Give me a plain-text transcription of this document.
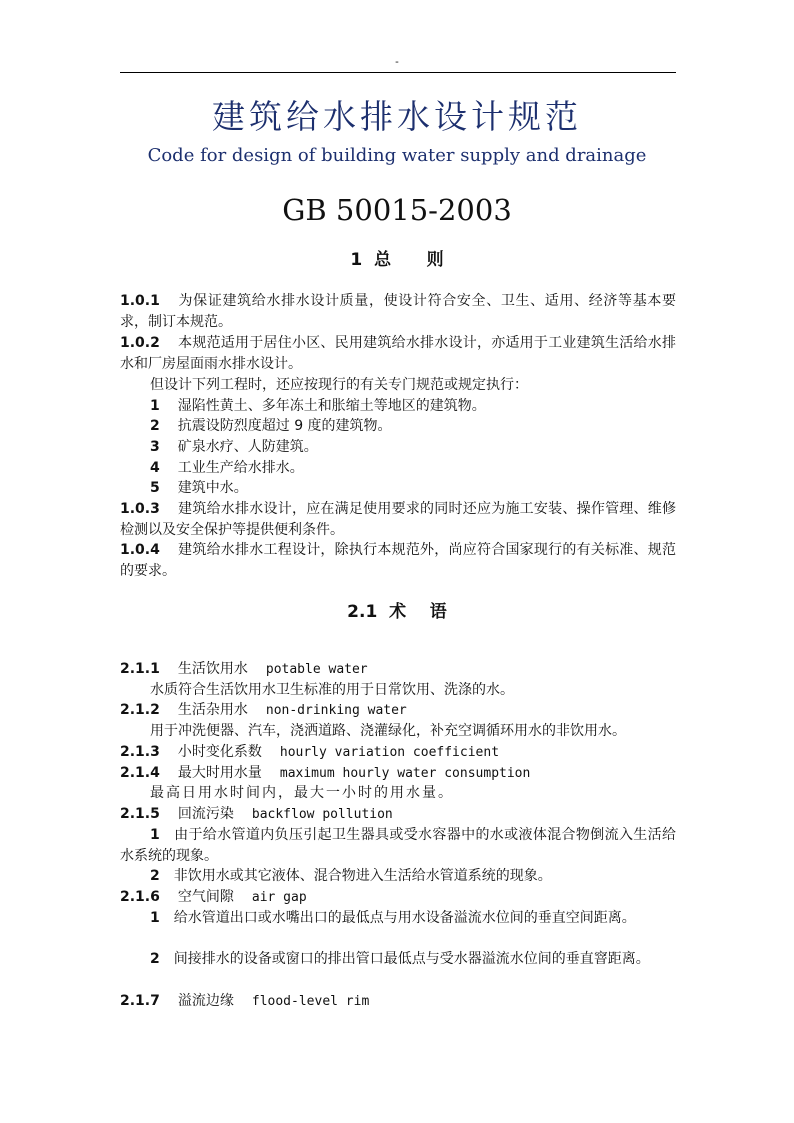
-
建筑给水排水设计规范
Code for design of building water supply and drainage
GB 50015-2003
1  总      则
1.0.1 为保证建筑给水排水设计质量，使设计符合安全、卫生、适用、经济等基本要求，制订本规范。
1.0.2 本规范适用于居住小区、民用建筑给水排水设计，亦适用于工业建筑生活给水排水和厂房屋面雨水排水设计。
但设计下列工程时，还应按现行的有关专门规范或规定执行：
1 湿陷性黄土、多年冻土和胀缩土等地区的建筑物。
2 抗震设防烈度超过 9 度的建筑物。
3 矿泉水疗、人防建筑。
4 工业生产给水排水。
5 建筑中水。
1.0.3 建筑给水排水设计，应在满足使用要求的同时还应为施工安装、操作管理、维修检测以及安全保护等提供便利条件。
1.0.4 建筑给水排水工程设计，除执行本规范外，尚应符合国家现行的有关标准、规范的要求。
2.1  术    语
2.1.1 生活饮用水 potable water
水质符合生活饮用水卫生标准的用于日常饮用、洗涤的水。
2.1.2 生活杂用水 non-drinking water
用于冲洗便器、汽车，浇洒道路、浇灌绿化，补充空调循环用水的非饮用水。
2.1.3 小时变化系数 hourly variation coefficient
2.1.4 最大时用水量 maximum hourly water consumption
最高日用水时间内，最大一小时的用水量。
2.1.5 回流污染 backflow pollution
1 由于给水管道内负压引起卫生器具或受水容器中的水或液体混合物倒流入生活给水系统的现象。
2 非饮用水或其它液体、混合物进入生活给水管道系统的现象。
2.1.6 空气间隙 air gap
1 给水管道出口或水嘴出口的最低点与用水设备溢流水位间的垂直空间距离。
2 间接排水的设备或窗口的排出管口最低点与受水器溢流水位间的垂直窨距离。
2.1.7 溢流边缘 flood-level rim
